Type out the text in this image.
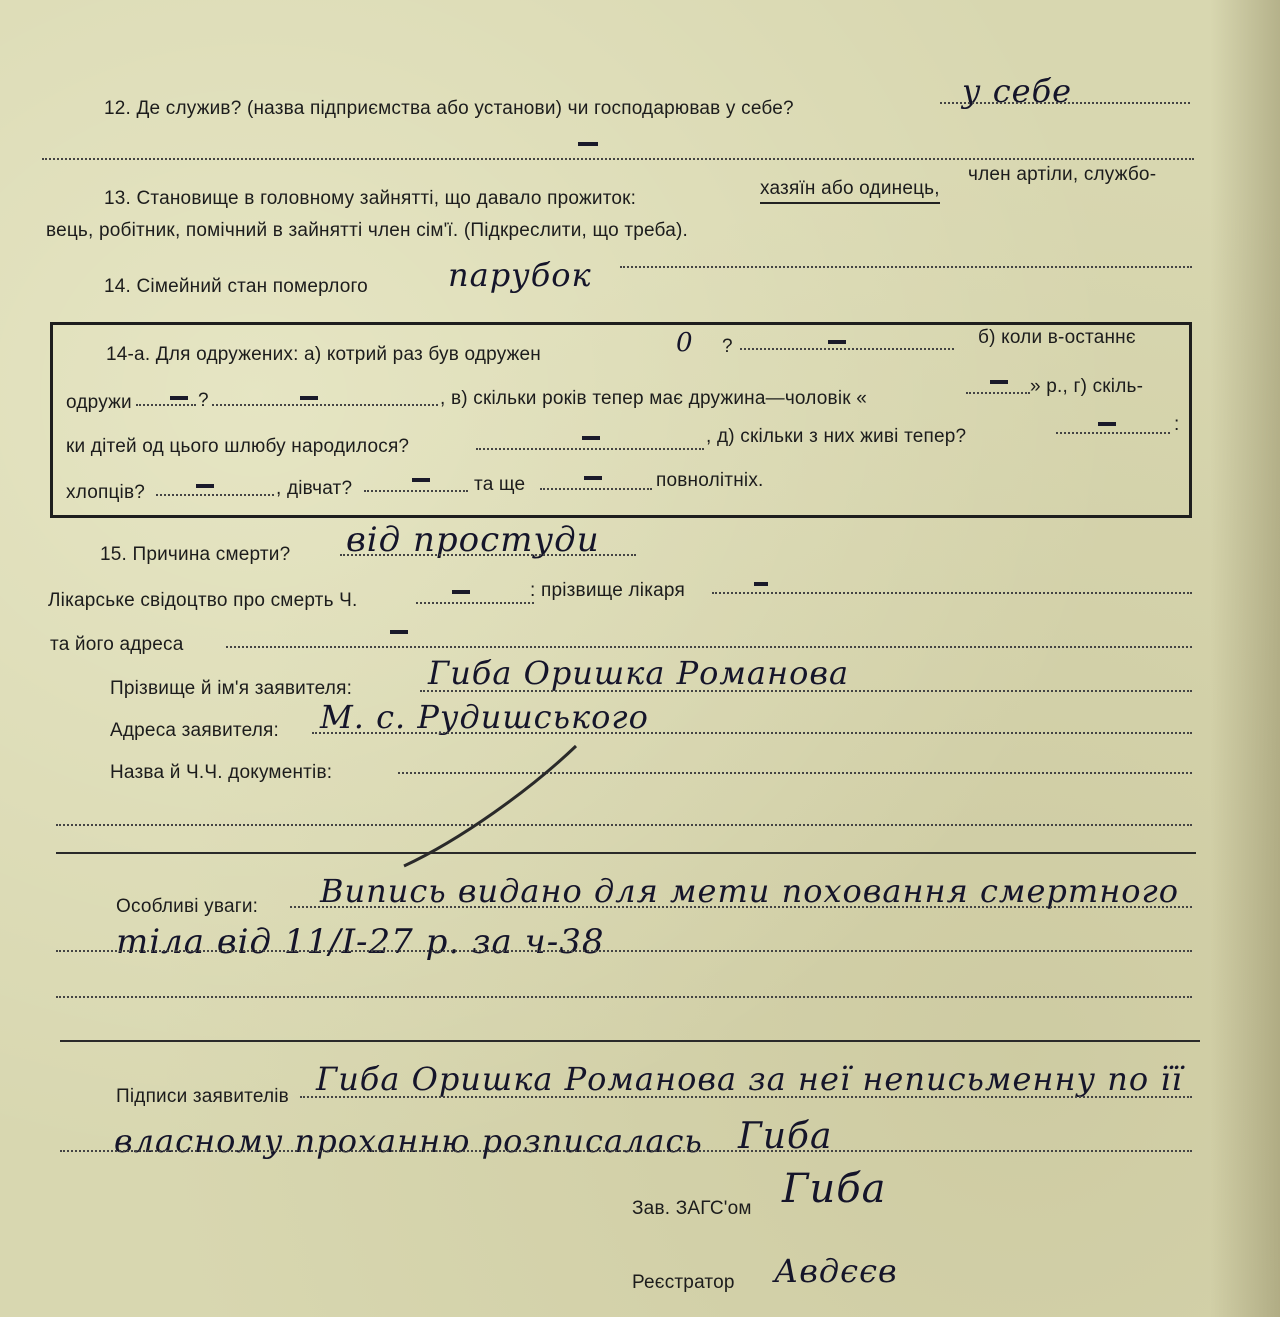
12. Де служив? (назва підприємства або установи) чи господарював у себе?	у себе
13. Становище в головному зайнятті, що давало прожиток:	хазяїн або одинець,
член артіли, службо-
вець, робітник, помічний в зайнятті член сім'ї. (Підкреслити, що треба).
14. Сімейний стан померлого	парубок
14-а. Для одружених: а) котрий раз був одружен	0 ?	б) коли в-останнє
одружи	?	, в) скільки років тепер має дружина—чоловік «
» р., г) скіль-
ки дітей од цього шлюбу народилося?	, д) скільки з них живі тепер?
:
хлопців?	, дівчат?	та ще	повнолітніх.
15. Причина смерти? від простуди
Лікарське свідоцтво про смерть Ч.	: прізвище лікаря
та його адреса
Прізвище й ім'я заявителя: Гиба Оришка Романова
Адреса заявителя: М. с. Рудишського
Назва й Ч.Ч. документів:
Особливі уваги: Випись видано для мети поховання смертного
тіла від 11/I-27 р. за ч-38
Підписи заявителів Гиба Оришка Романова за неї неписьменну по її
власному проханню розписалась Гиба
Зав. ЗАГС'ом Гиба
Реєстратор Авдєєв
